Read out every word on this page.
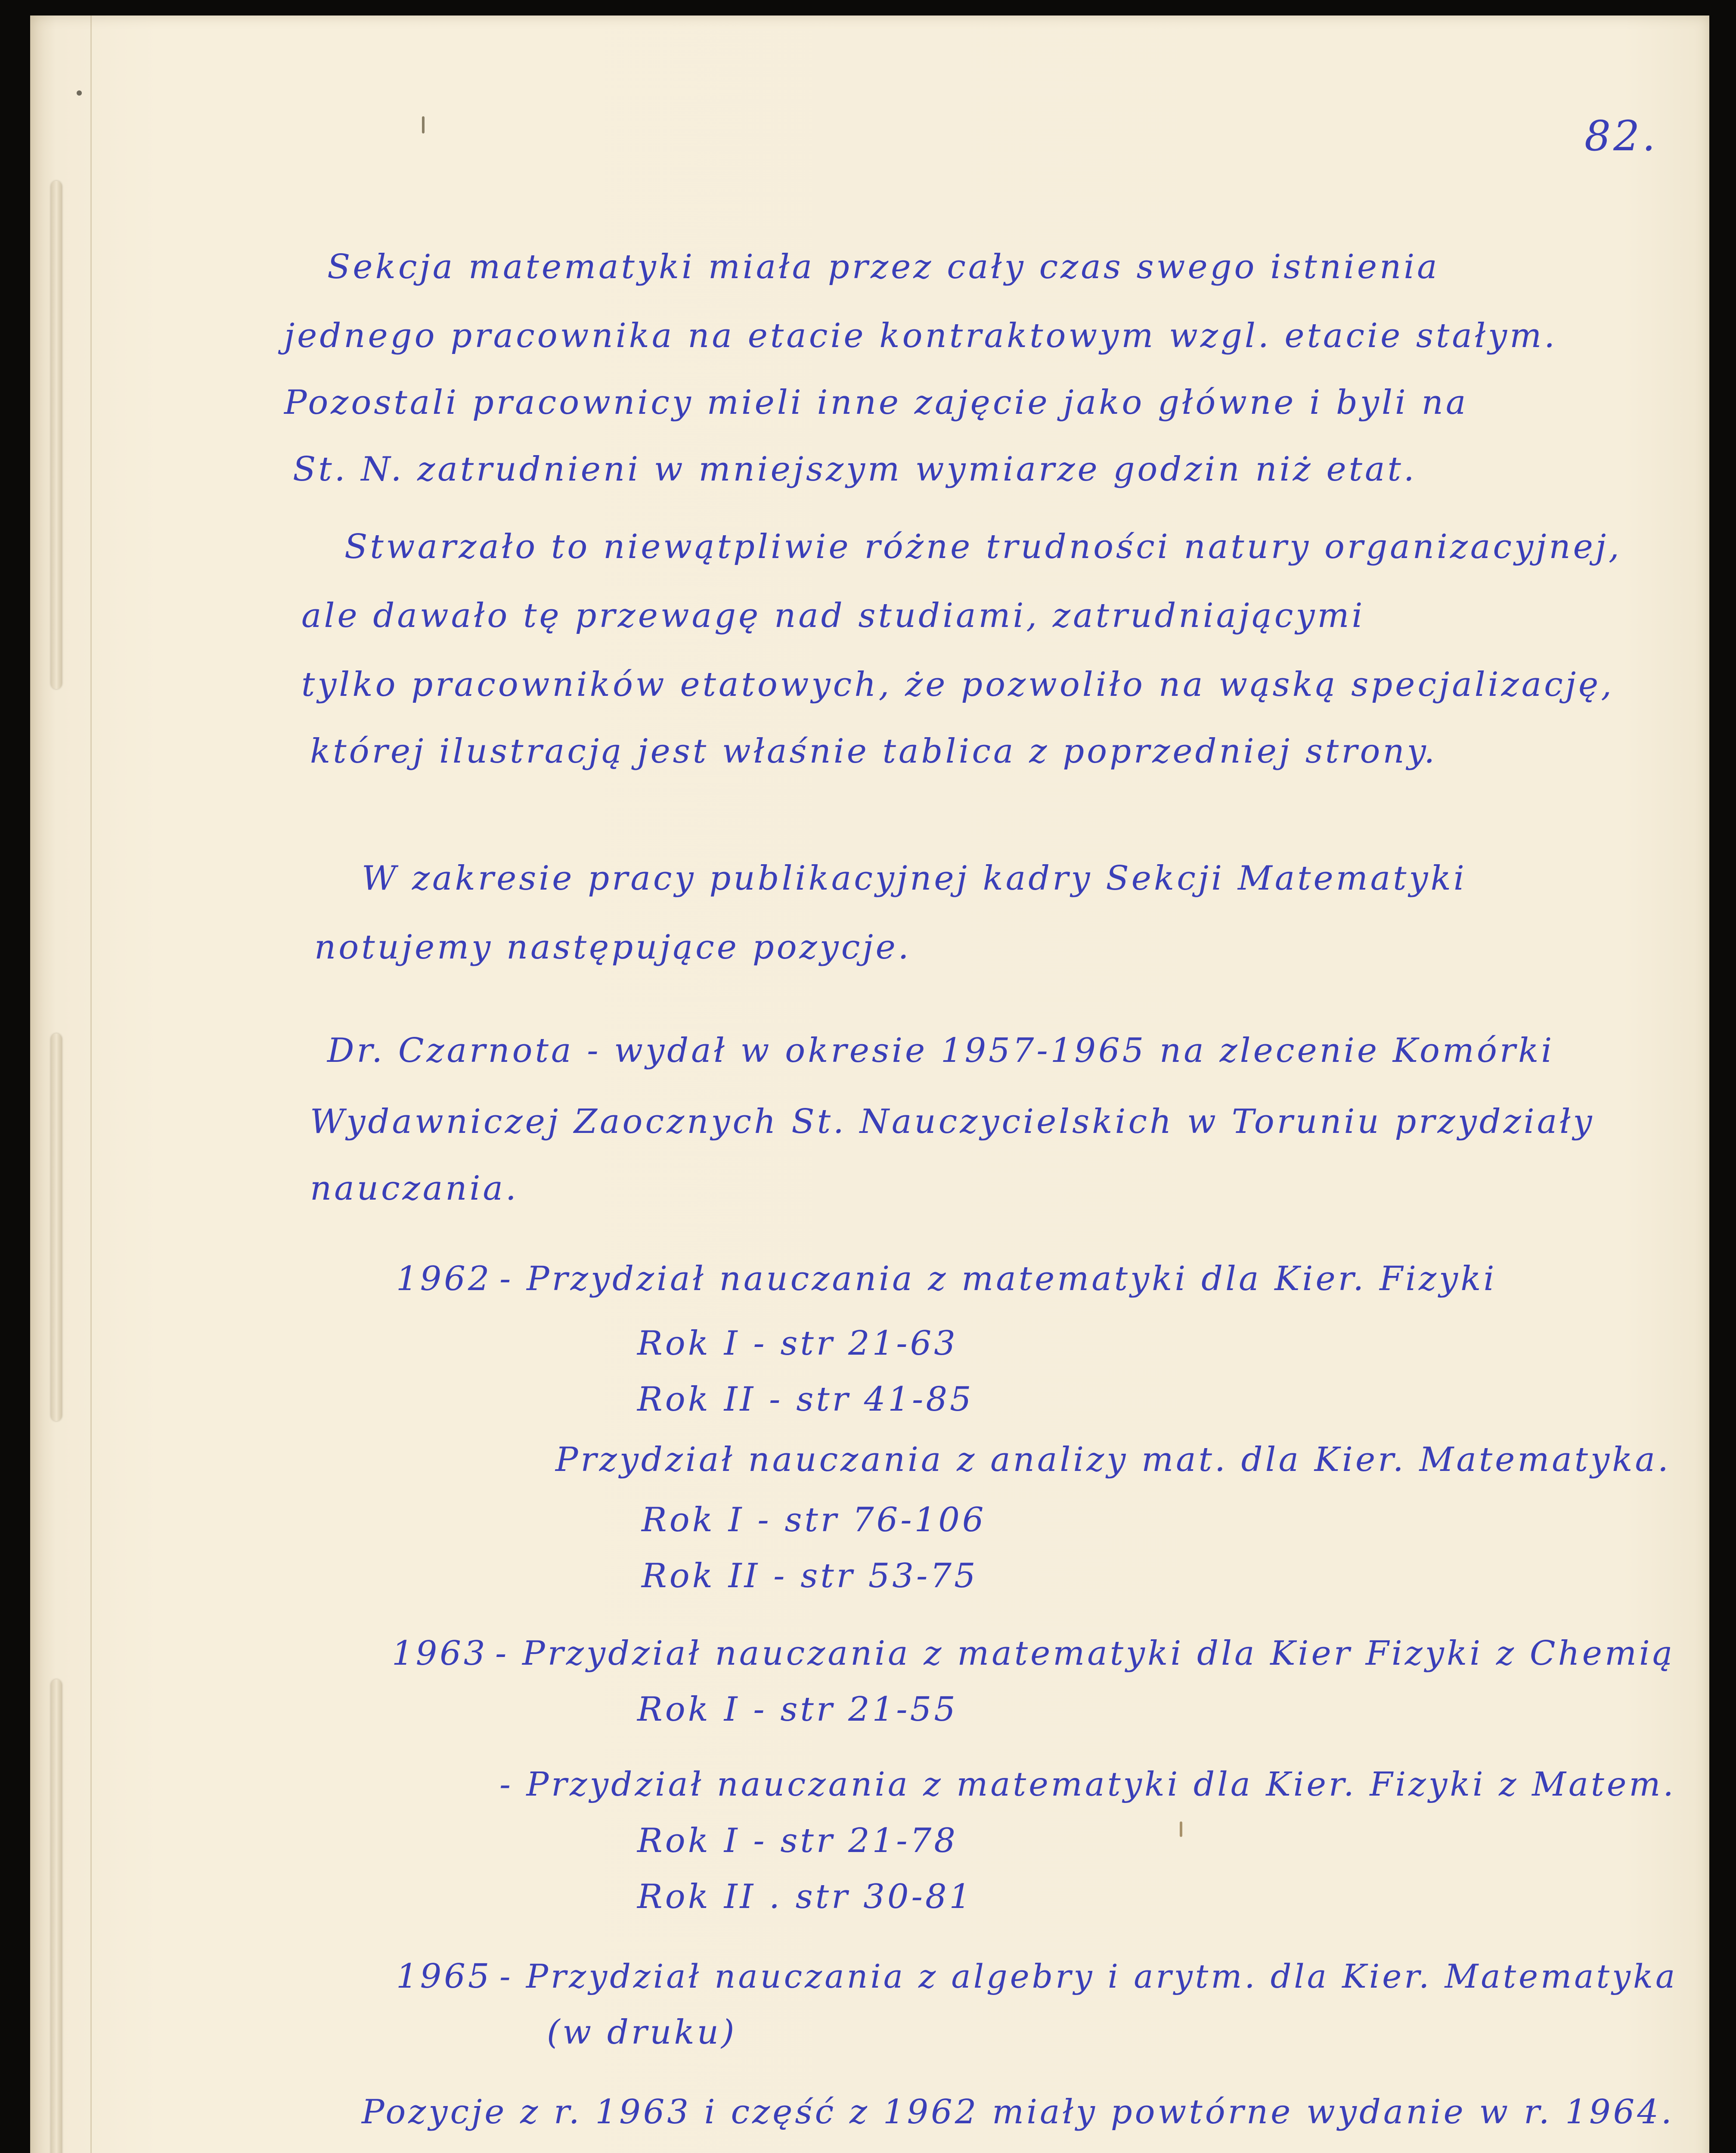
82.
Sekcja matematyki miała przez cały czas swego istnienia
jednego pracownika na etacie kontraktowym wzgl. etacie stałym.
Pozostali pracownicy mieli inne zajęcie jako główne i byli na
St. N. zatrudnieni w mniejszym wymiarze godzin niż etat.
Stwarzało to niewątpliwie różne trudności natury organizacyjnej,
ale dawało tę przewagę nad studiami, zatrudniającymi
tylko pracowników etatowych, że pozwoliło na wąską specjalizację,
której ilustracją jest właśnie tablica z poprzedniej strony.
W zakresie pracy publikacyjnej kadry Sekcji Matematyki
notujemy następujące pozycje.
Dr. Czarnota - wydał w okresie 1957-1965 na zlecenie Komórki
Wydawniczej Zaocznych St. Nauczycielskich w Toruniu przydziały
nauczania.
1962 - Przydział nauczania z matematyki dla Kier. Fizyki
Rok I - str 21-63
Rok II - str 41-85
Przydział nauczania z analizy mat. dla Kier. Matematyka.
Rok I - str 76-106
Rok II - str 53-75
1963 - Przydział nauczania z matematyki dla Kier Fizyki z Chemią
Rok I - str 21-55
- Przydział nauczania z matematyki dla Kier. Fizyki z Matem.
Rok I - str 21-78
Rok II . str 30-81
1965 - Przydział nauczania z algebry i arytm. dla Kier. Matematyka
(w druku)
Pozycje z r. 1963 i część z 1962 miały powtórne wydanie w r. 1964.
